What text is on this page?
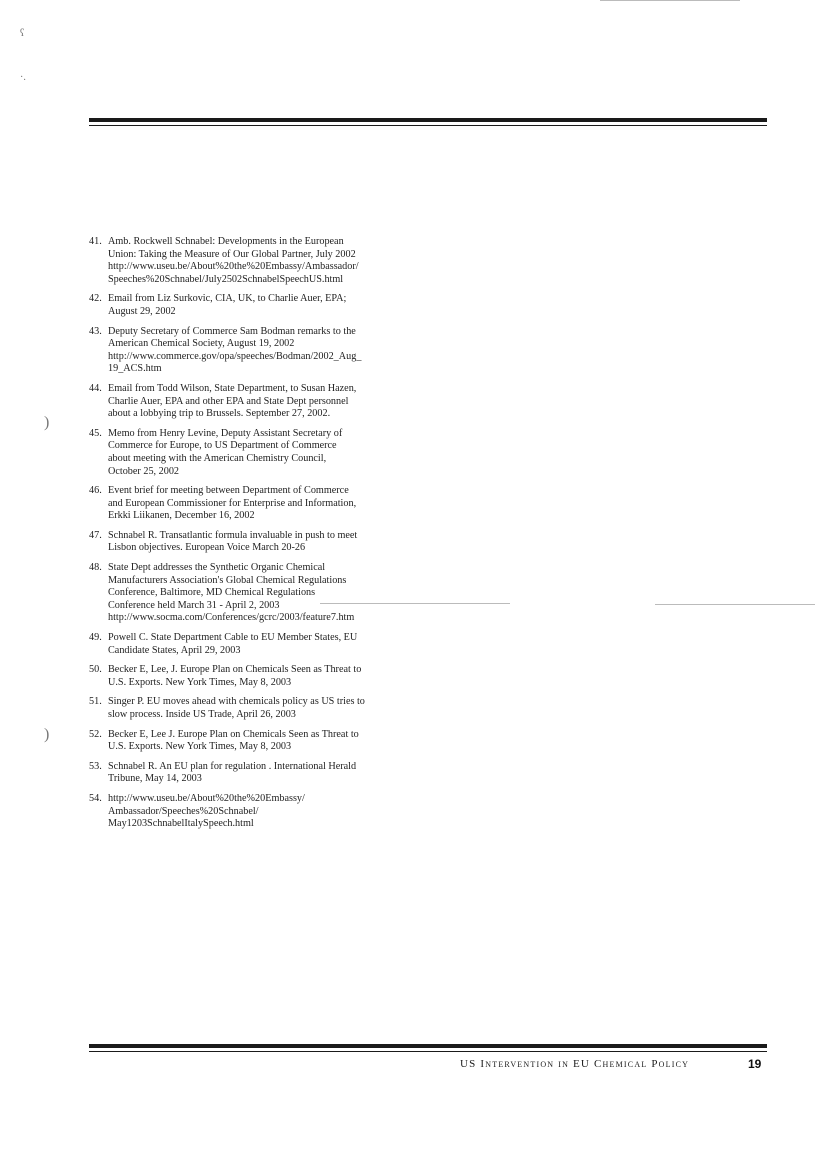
ʕ
·.
)
)
41. Amb. Rockwell Schnabel: Developments in the European
Union: Taking the Measure of Our Global Partner, July 2002
http://www.useu.be/About%20the%20Embassy/Ambassador/
Speeches%20Schnabel/July2502SchnabelSpeechUS.html
42. Email from Liz Surkovic, CIA, UK, to Charlie Auer, EPA;
August 29, 2002
43. Deputy Secretary of Commerce Sam Bodman remarks to the
American Chemical Society, August 19, 2002
http://www.commerce.gov/opa/speeches/Bodman/2002_Aug_
19_ACS.htm
44. Email from Todd Wilson, State Department, to Susan Hazen,
Charlie Auer, EPA and other EPA and State Dept personnel
about a lobbying trip to Brussels. September 27, 2002.
45. Memo from Henry Levine, Deputy Assistant Secretary of
Commerce for Europe, to US Department of Commerce
about meeting with the American Chemistry Council,
October 25, 2002
46. Event brief for meeting between Department of Commerce
and European Commissioner for Enterprise and Information,
Erkki Liikanen, December 16, 2002
47. Schnabel R. Transatlantic formula invaluable in push to meet
Lisbon objectives. European Voice March 20-26
48. State Dept addresses the Synthetic Organic Chemical
Manufacturers Association's Global Chemical Regulations
Conference, Baltimore, MD Chemical Regulations
Conference held March 31 - April 2, 2003
http://www.socma.com/Conferences/gcrc/2003/feature7.htm
49. Powell C. State Department Cable to EU Member States, EU
Candidate States, April 29, 2003
50. Becker E, Lee, J. Europe Plan on Chemicals Seen as Threat to
U.S. Exports. New York Times, May 8, 2003
51. Singer P. EU moves ahead with chemicals policy as US tries to
slow process. Inside US Trade, April 26, 2003
52. Becker E, Lee J. Europe Plan on Chemicals Seen as Threat to
U.S. Exports. New York Times, May 8, 2003
53. Schnabel R. An EU plan for regulation . International Herald
Tribune, May 14, 2003
54. http://www.useu.be/About%20the%20Embassy/
Ambassador/Speeches%20Schnabel/
May1203SchnabelItalySpeech.html
US Intervention in EU Chemical Policy	19
